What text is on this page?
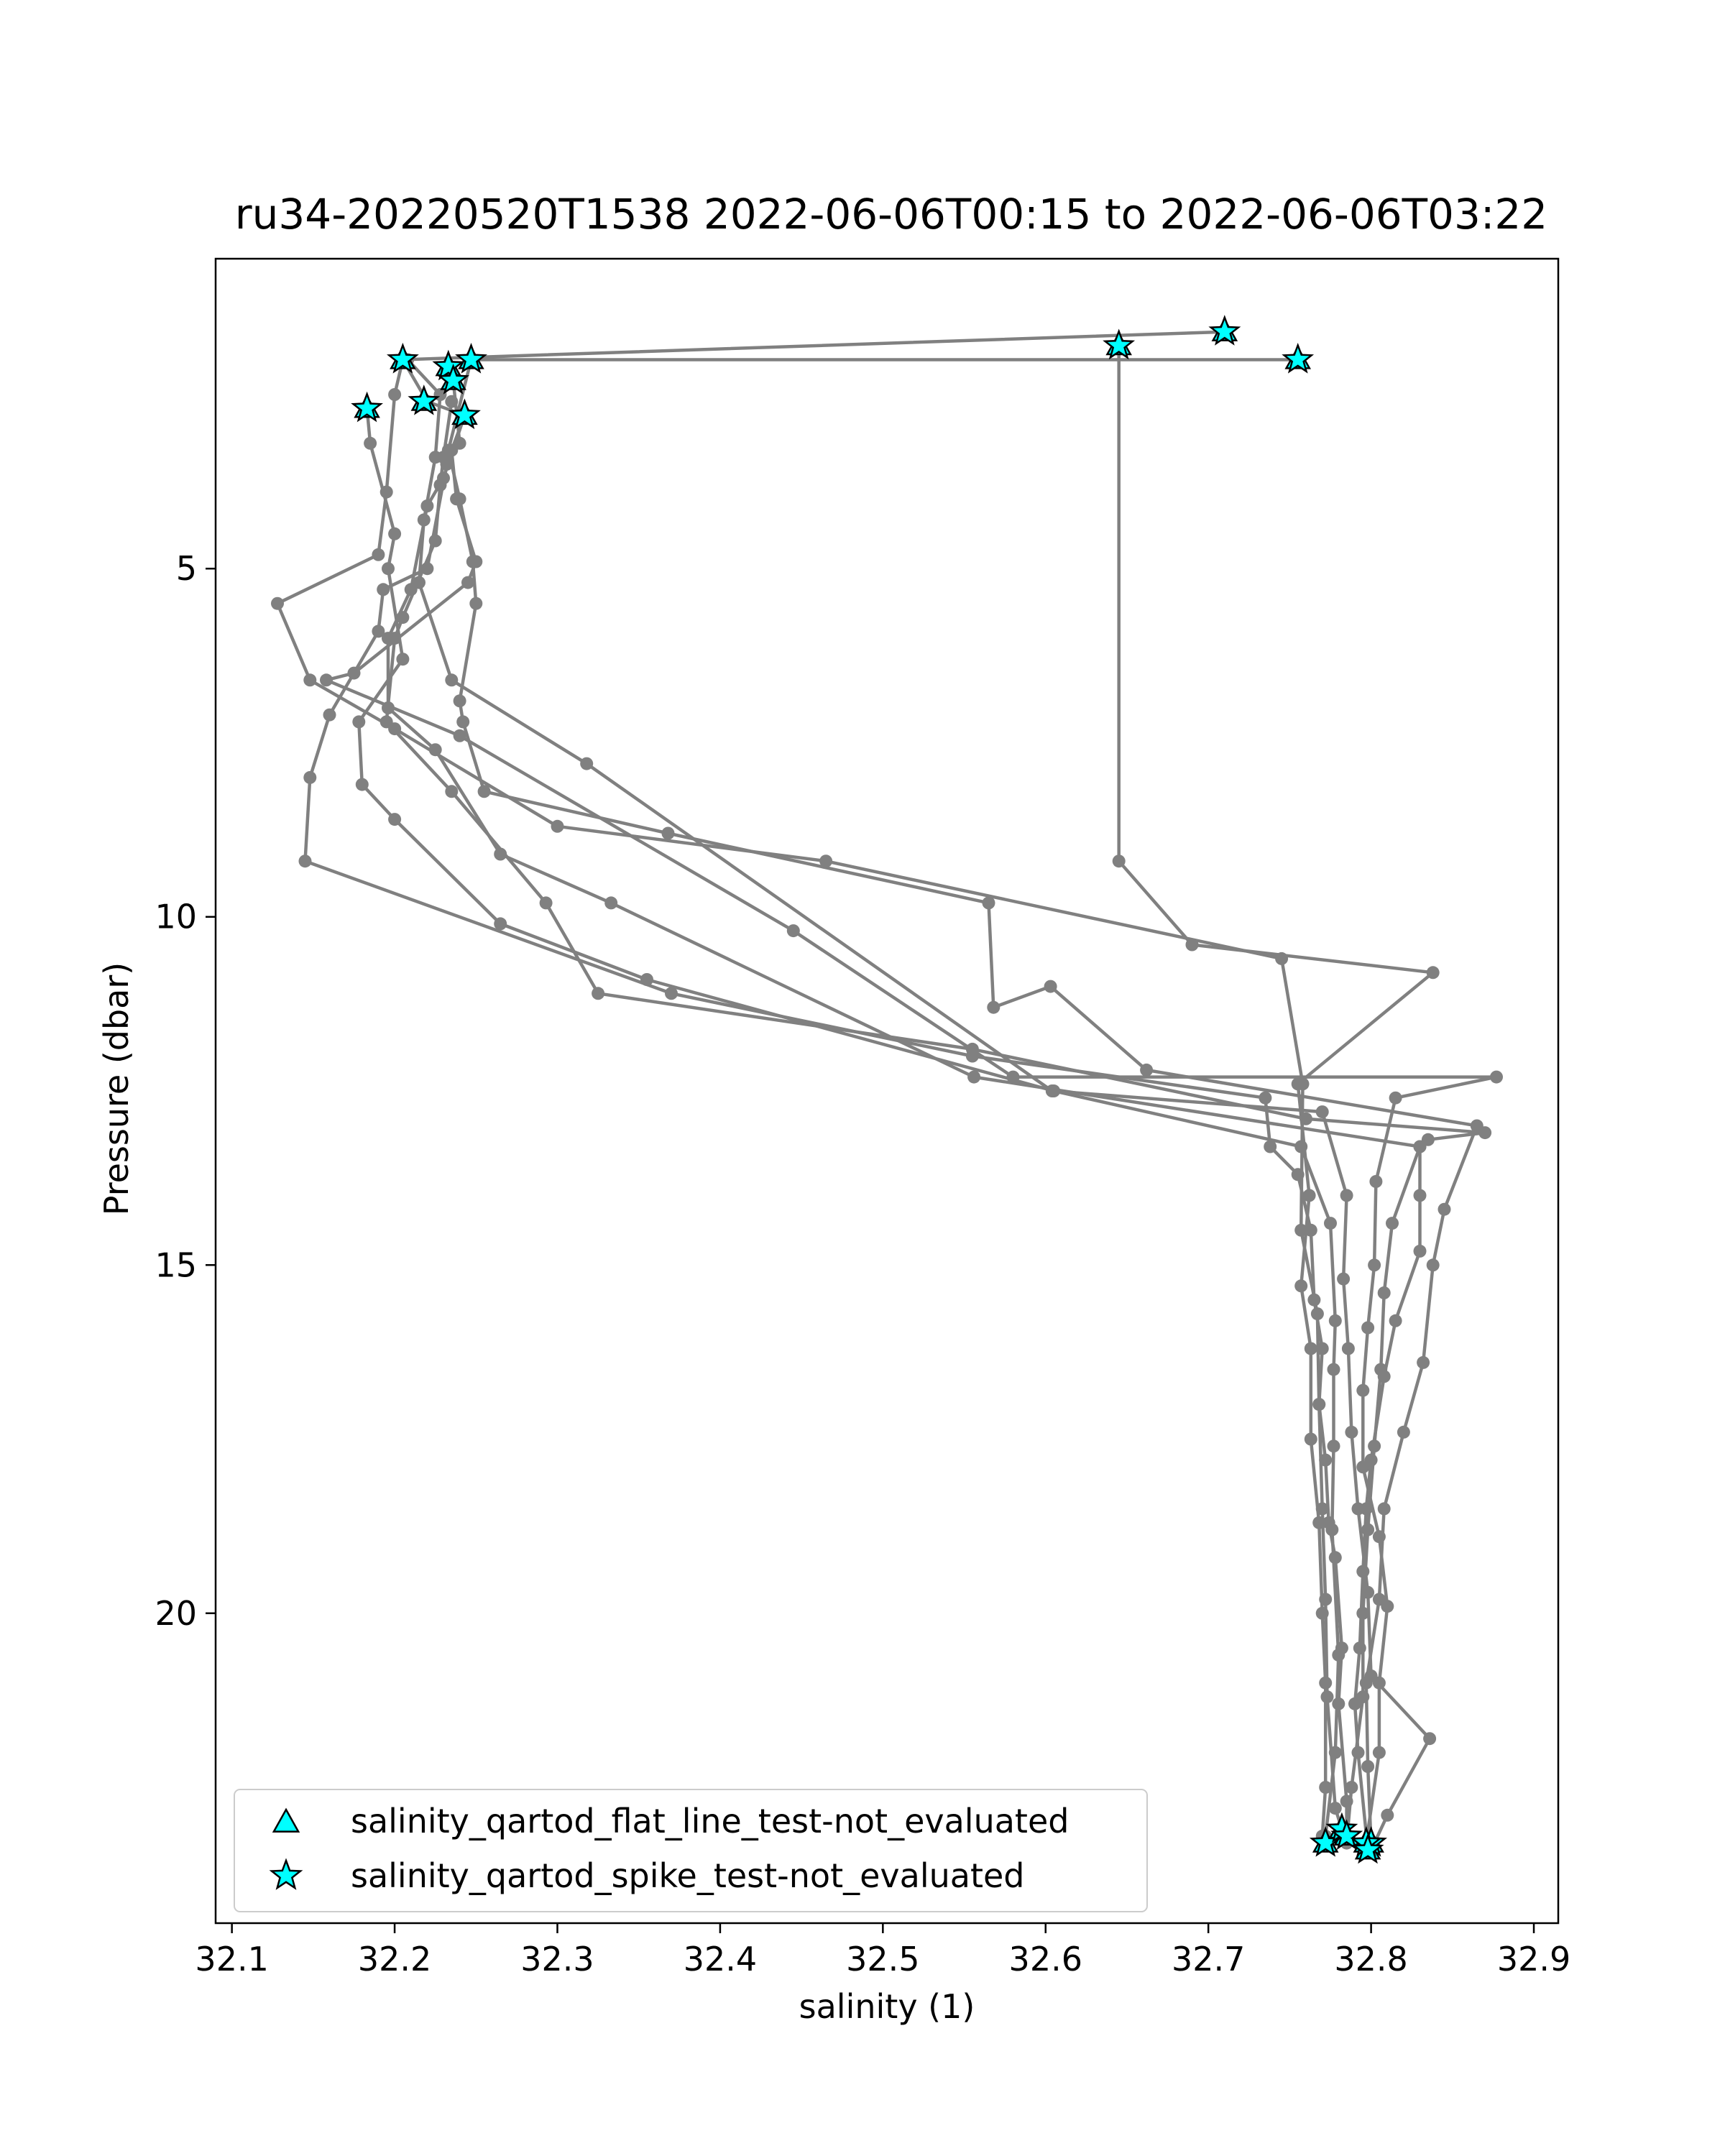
ru34-20220520T1538 2022-06-06T00:15 to 2022-06-06T03:22
32.1	32.2	32.3	32.4	32.5	32.6	32.7	32.8	32.9
5
10
15
20
salinity (1)
Pressure (dbar)
salinity_qartod_flat_line_test-not_evaluated
salinity_qartod_spike_test-not_evaluated
